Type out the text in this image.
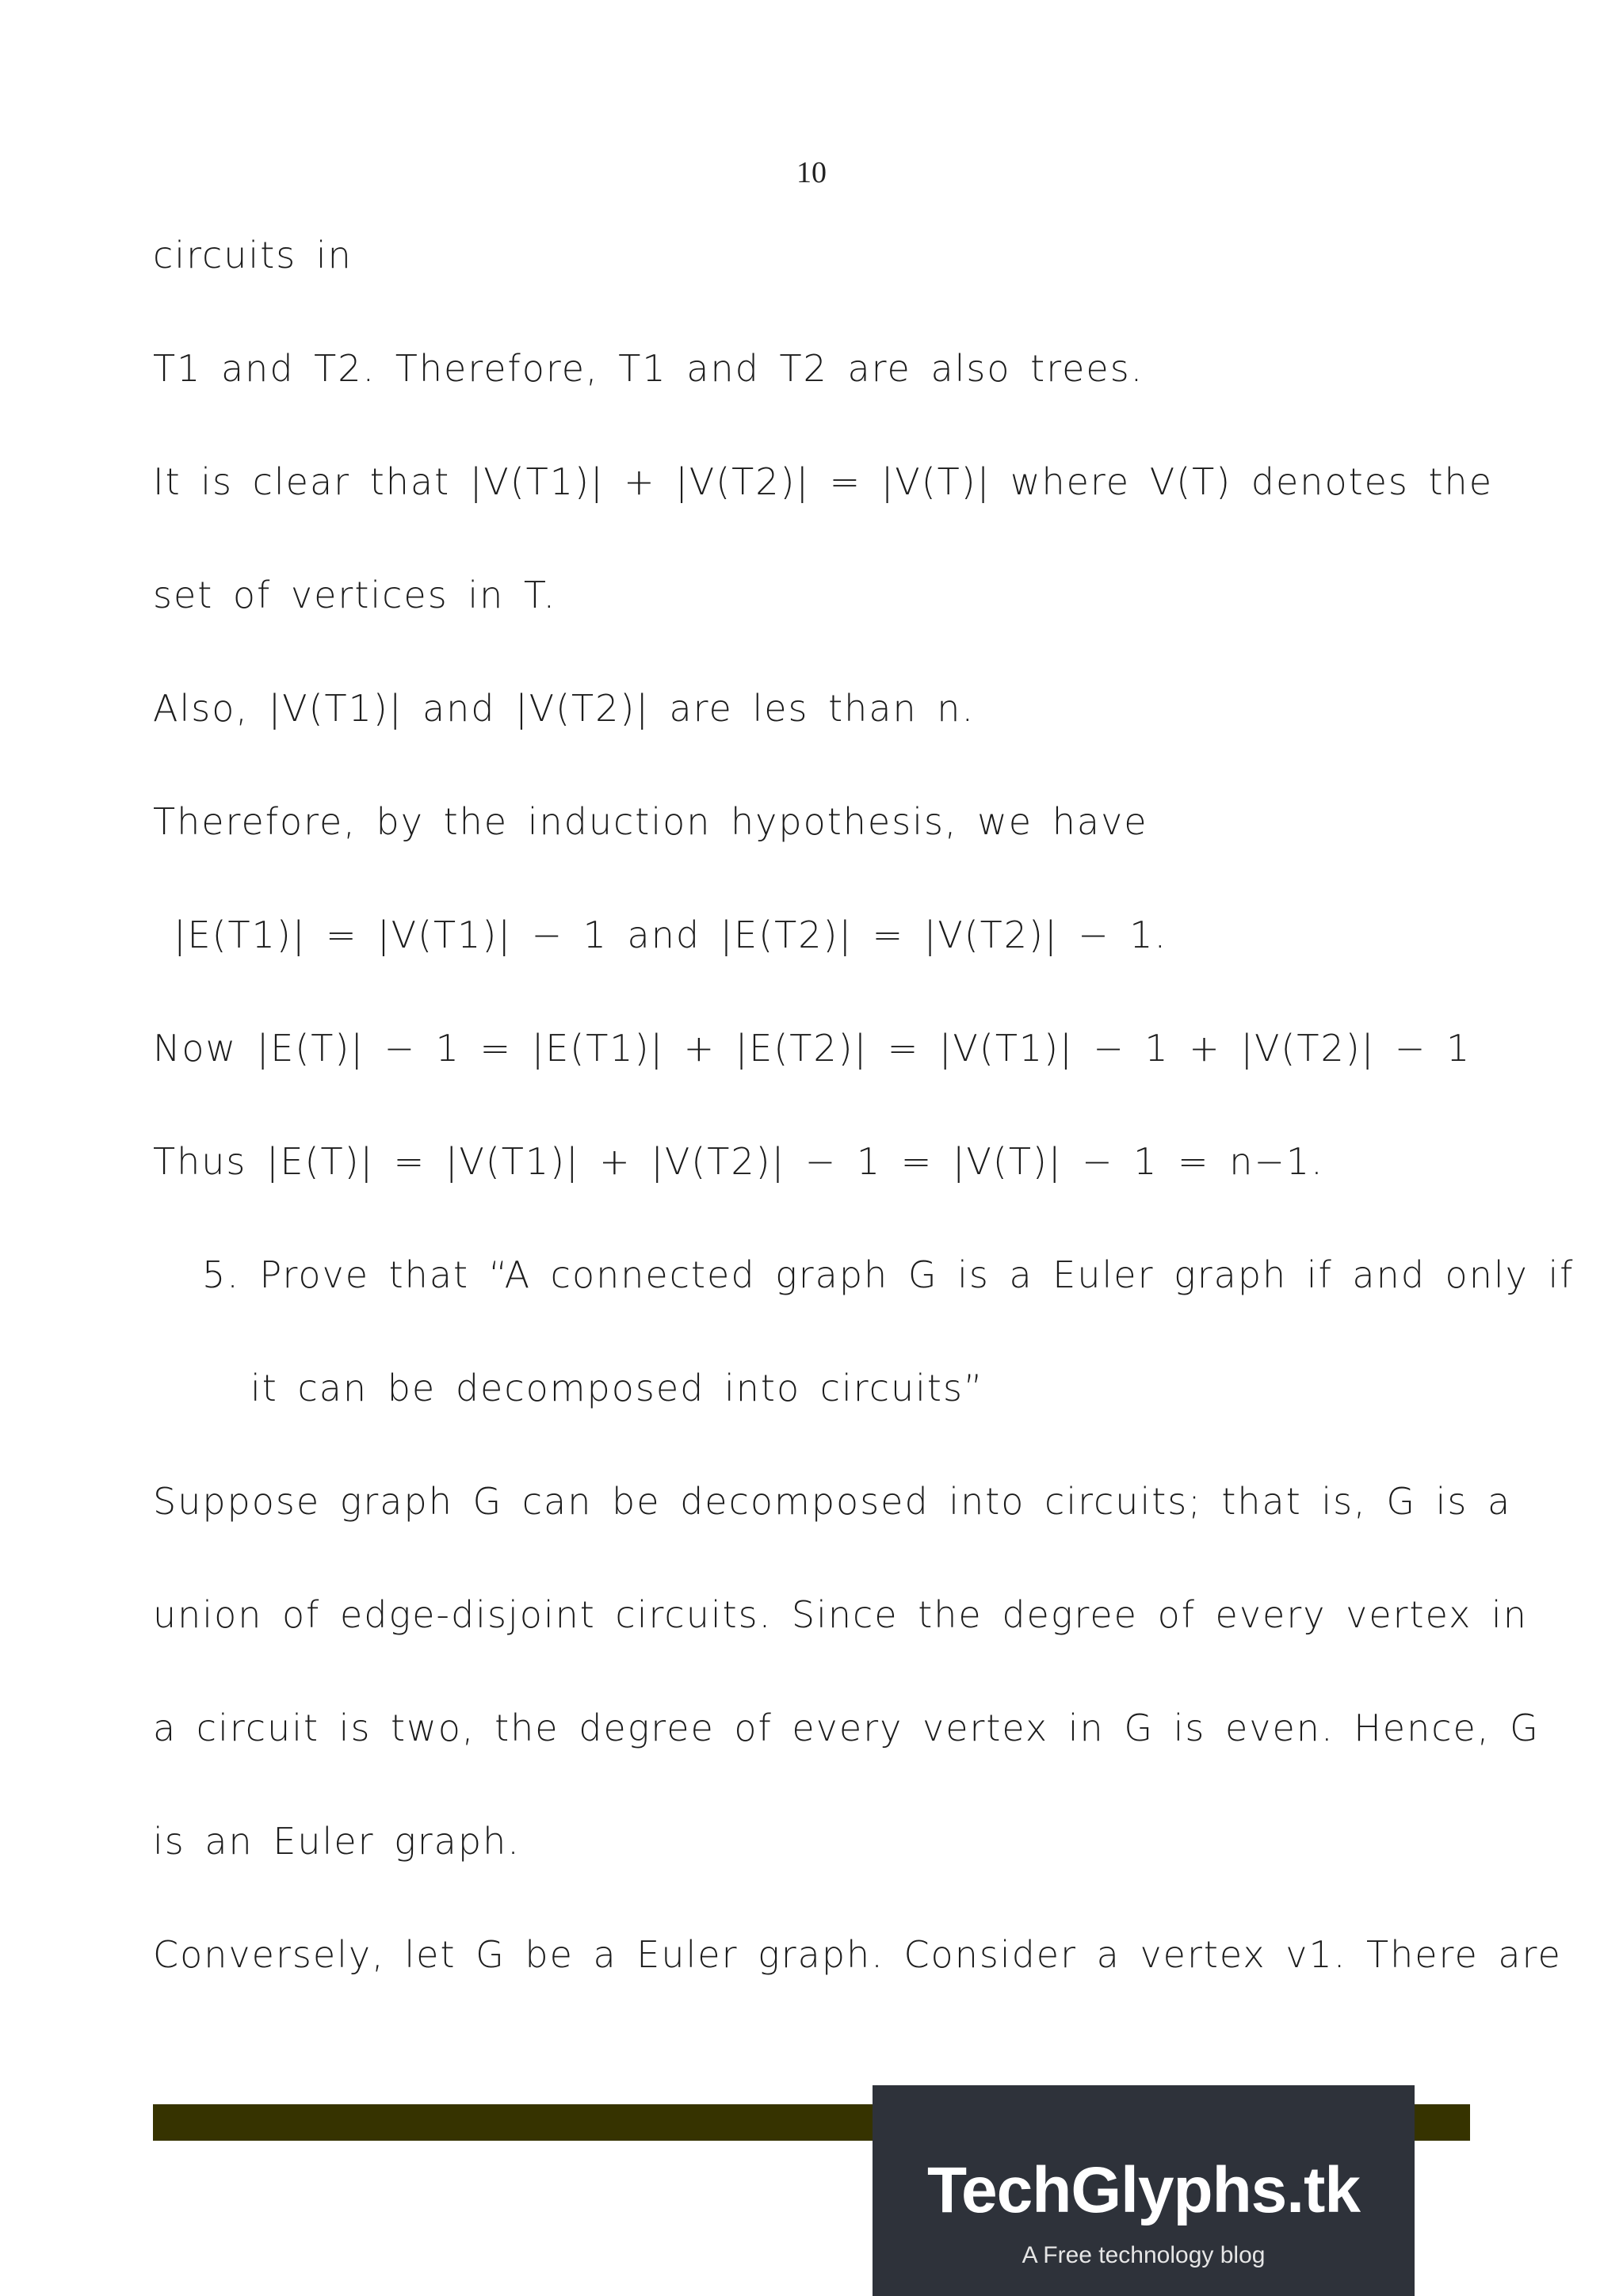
10
circuits in
T1 and T2. Therefore, T1 and T2 are also trees.
It is clear that |V(T1)| + |V(T2)| = |V(T)| where V(T) denotes the
set of vertices in T.
Also, |V(T1)| and |V(T2)| are les than n.
Therefore, by the induction hypothesis, we have
|E(T1)| = |V(T1)| − 1 and |E(T2)| = |V(T2)| − 1.
Now |E(T)| − 1 = |E(T1)| + |E(T2)| = |V(T1)| − 1 + |V(T2)| − 1
Thus |E(T)| = |V(T1)| + |V(T2)| − 1 = |V(T)| − 1 = n−1.
5. Prove that “A connected graph G is a Euler graph if and only if
it can be decomposed into circuits”
Suppose graph G can be decomposed into circuits; that is, G is a
union of edge-disjoint circuits. Since the degree of every vertex in
a circuit is two, the degree of every vertex in G is even. Hence, G
is an Euler graph.
Conversely, let G be a Euler graph. Consider a vertex v1. There are
TechGlyphs.tk
A Free technology blog
